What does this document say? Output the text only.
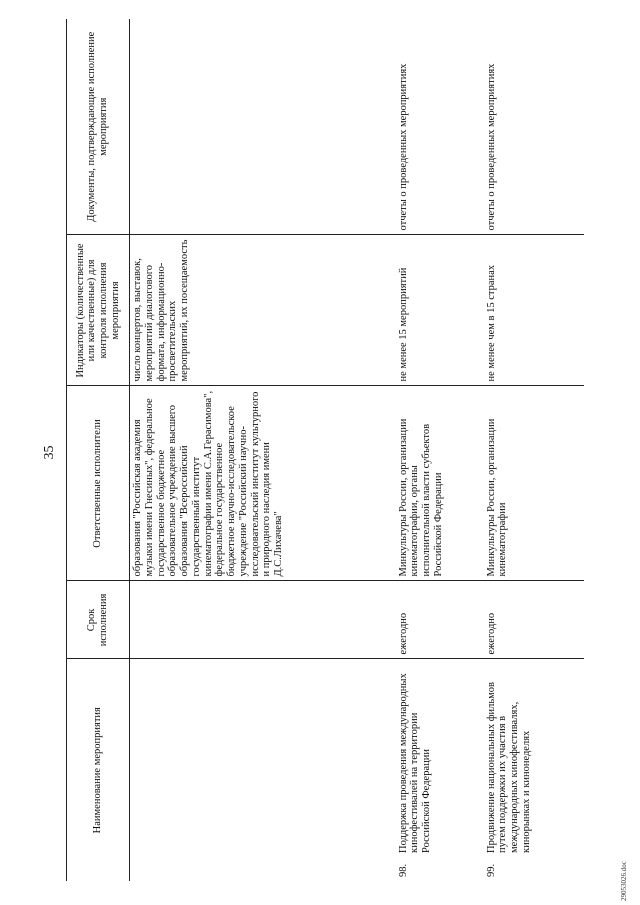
35
Наименование мероприятия		Срок исполнения	Ответственные исполнители	Индикаторы (количественные или качественные) для контроля исполнения мероприятия	Документы, подтверждающие исполнение мероприятия
			образования "Российская академия музыки имени Гнесиных", федеральное государственное бюджетное образовательное учреждение высшего образования "Всероссийский государственный институт кинематографии имени С.А.Герасимова", федеральное государственное бюджетное научно-исследовательское учреждение "Российский научно-исследовательский институт культурного и природного наследия имени Д.С.Лихачева"	число концертов, выставок, мероприятий диалогового формата, информационно-просветительских мероприятий, их посещаемость	
98.	Поддержка проведения международных кинофестивалей на территории Российской Федерации	ежегодно	Минкультуры России, организации кинематографии, органы исполнительной власти субъектов Российской Федерации	не менее 15 мероприятий	отчеты о проведенных мероприятиях
99.	Продвижение национальных фильмов путем поддержки их участия в международных кинофестивалях, кинорынках и кинонеделях	ежегодно	Минкультуры России, организации кинематографии	не менее чем в 15 странах	отчеты о проведенных мероприятиях
29053026.doc
